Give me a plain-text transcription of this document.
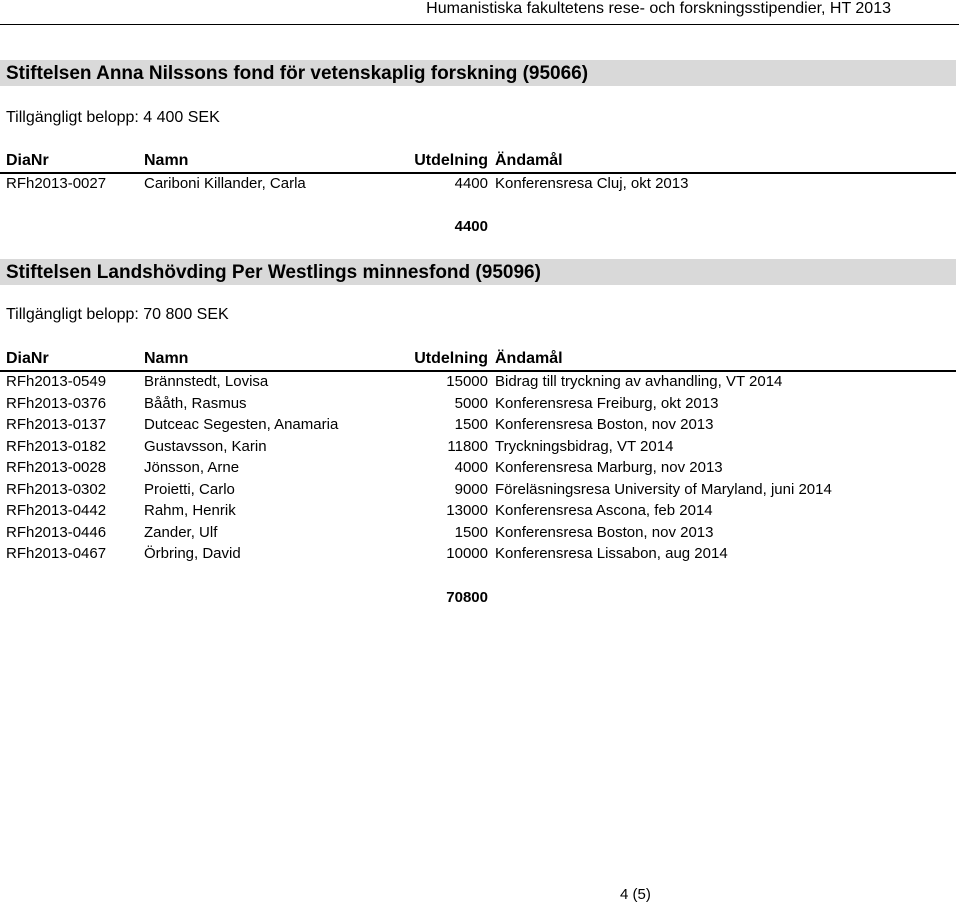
Humanistiska fakultetens rese- och forskningsstipendier, HT 2013
Stiftelsen Anna Nilssons fond för vetenskaplig forskning (95066)
Tillgängligt belopp: 4 400 SEK
DiaNr	Namn	Utdelning Ändamål
RFh2013-0027	Cariboni Killander, Carla	4400 Konferensresa Cluj, okt 2013
4400
Stiftelsen Landshövding Per Westlings minnesfond (95096)
Tillgängligt belopp: 70 800 SEK
DiaNr	Namn	Utdelning Ändamål
RFh2013-0549	Brännstedt, Lovisa	15000 Bidrag till tryckning av avhandling, VT 2014
RFh2013-0376	Bååth, Rasmus	5000 Konferensresa Freiburg, okt 2013
RFh2013-0137	Dutceac Segesten, Anamaria	1500 Konferensresa Boston, nov 2013
RFh2013-0182	Gustavsson, Karin	11800 Tryckningsbidrag, VT 2014
RFh2013-0028	Jönsson, Arne	4000 Konferensresa Marburg, nov 2013
RFh2013-0302	Proietti, Carlo	9000 Föreläsningsresa University of Maryland, juni 2014
RFh2013-0442	Rahm, Henrik	13000 Konferensresa Ascona, feb 2014
RFh2013-0446	Zander, Ulf	1500 Konferensresa Boston, nov 2013
RFh2013-0467	Örbring, David	10000 Konferensresa Lissabon, aug 2014
70800
4 (5)
